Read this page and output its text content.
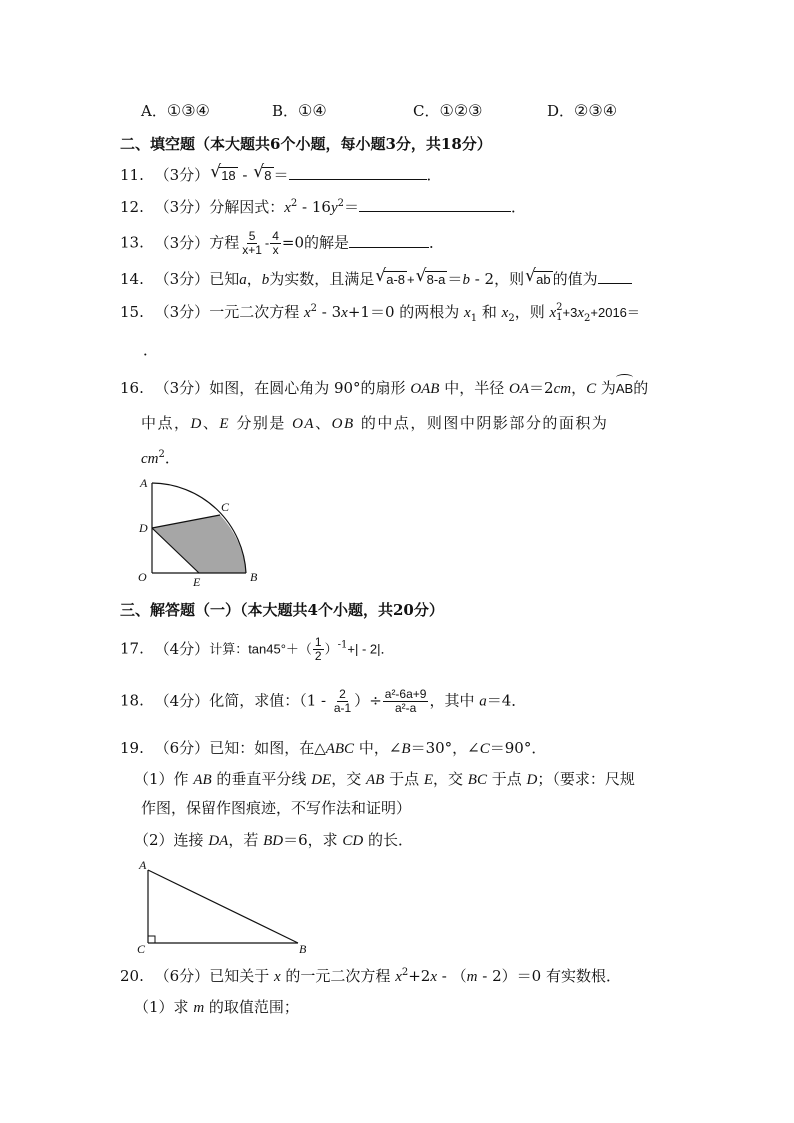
A．①③④	B．①④	C．①②③	D．②③④
二、填空题（本大题共6个小题，每小题3分，共18分）
11. （3分） √ 18 - √ 8 ＝	．
12. （3分）分解因式：$x^2 - 16y^2=$	．
13. （3分）方程 $\frac{5}{x+1} - \frac{4}{x} =0$的解是	．
14. （3分）已知a，b为实数，且满足 √ a-8 + √ 8-a ＝b - 2，则 √ ab 的值为
15. （3分）一元二次方程 $x^2 - 3x+1=0$ 的两根为 $x_1$ 和 $x_2$，则 x 2
$1 +3x_2+2016=$
．
16. （3分）如图，在圆心角为 90°的扇形 OAB 中，半径 OA＝2cm，C 为AB的
中点，D、E 分别是 OA、OB 的中点，则图中阴影部分的面积为
$cm^2$．
A
C
D
O	E	B
三、解答题（一）（本大题共4个小题，共20分）
17. （4分）计算：$\tan 45^\circ+( \frac{1}{2} )^{-1}+| - 2|$．
18. （4分）化简，求值：（$1 - \frac{2}{a-1}$ ）÷ $\frac{\text{a²-6a+9}}{\text{a²-a}}$ ，其中 a＝4．
19. （6分）已知：如图，在△ABC 中，∠B＝30°，∠C＝90°．
（1）作 AB 的垂直平分线 DE，交 AB 于点 E，交 BC 于点 D；（要求：尺规
作图，保留作图痕迹，不写作法和证明）
（2）连接 DA，若 BD＝6，求 CD 的长．
A
C	B
20. （6分）已知关于 x 的一元二次方程 $x^2+2x - (m - 2)=0$ 有实数根．
（1）求 m 的取值范围；
